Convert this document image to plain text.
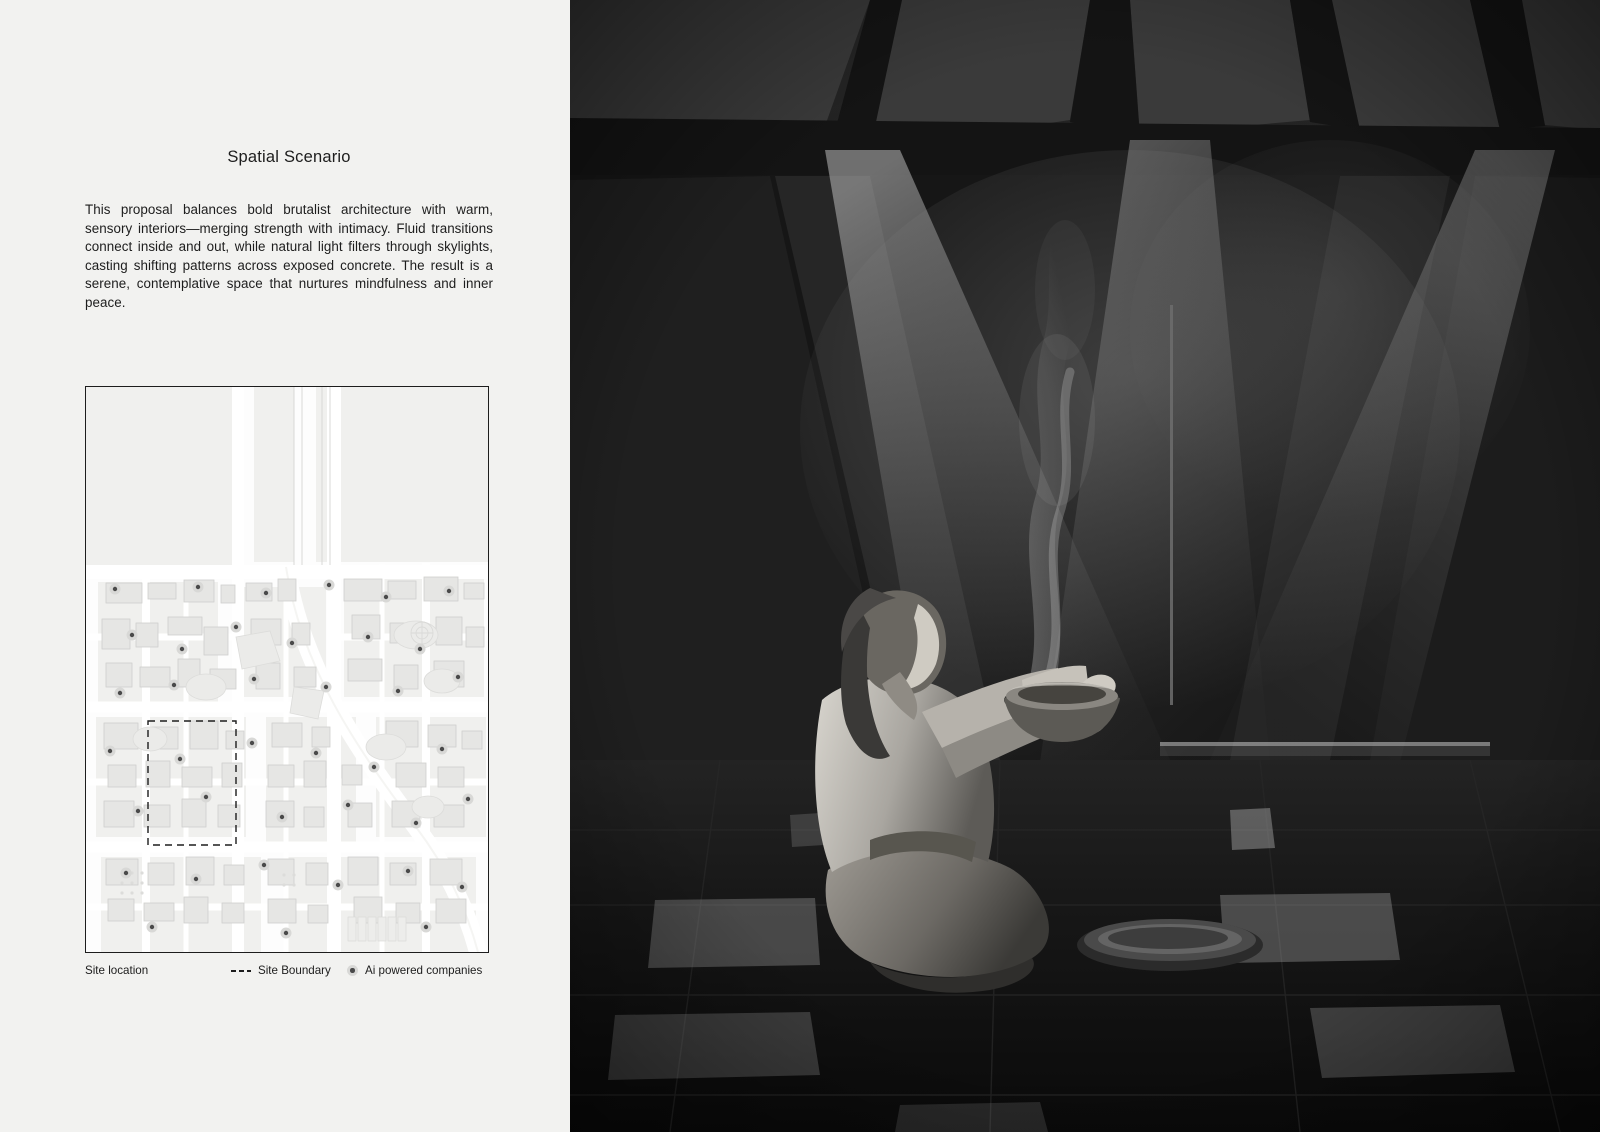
Spatial Scenario

This proposal balances bold brutalist architecture with warm, sensory interiors—merging strength with intimacy. Fluid transitions connect inside and out, while natural light filters through skylights, casting shifting patterns across exposed concrete. The result is a serene, contemplative space that nurtures mindfulness and inner peace.

Site location	Site Boundary	Ai powered companies
